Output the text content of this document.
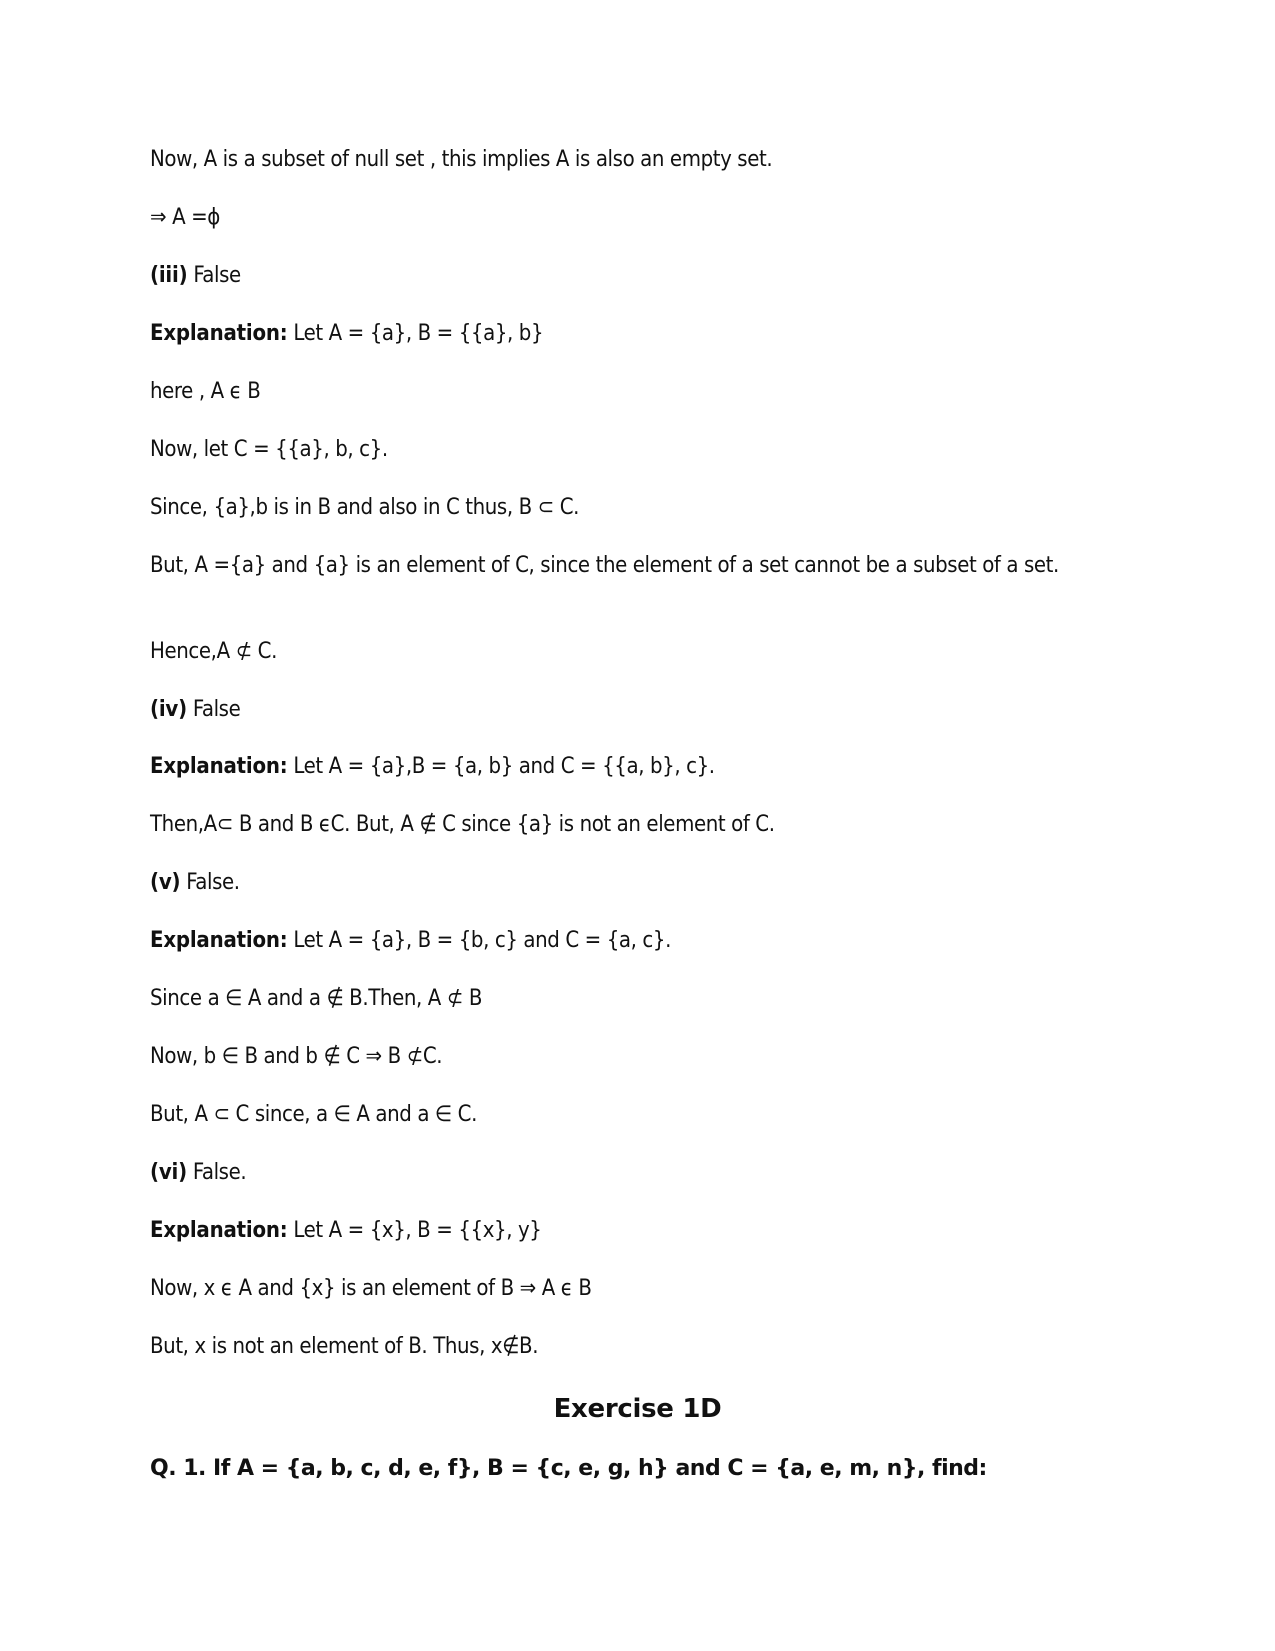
Now, A is a subset of null set , this implies A is also an empty set.
⇒ A =ϕ
(iii) False
Explanation: Let A = {a}, B = {{a}, b}
here , A ϵ B
Now, let C = {{a}, b, c}.
Since, {a},b is in B and also in C thus, B ⊂ C.
But, A ={a} and {a} is an element of C, since the element of a set cannot be a subset of a set.
Hence,A ⊄ C.
(iv) False
Explanation: Let A = {a},B = {a, b} and C = {{a, b}, c}.
Then,A⊂ B and B ϵC. But, A ∉ C since {a} is not an element of C.
(v) False.
Explanation: Let A = {a}, B = {b, c} and C = {a, c}.
Since a ∈ A and a ∉ B.Then, A ⊄ B
Now, b ∈ B and b ∉ C ⇒ B ⊄C.
But, A ⊂ C since, a ∈ A and a ∈ C.
(vi) False.
Explanation: Let A = {x}, B = {{x}, y}
Now, x ϵ A and {x} is an element of B ⇒ A ϵ B
But, x is not an element of B. Thus, x∉B.
Exercise 1D
Q. 1. If A = {a, b, c, d, e, f}, B = {c, e, g, h} and C = {a, e, m, n}, find:
